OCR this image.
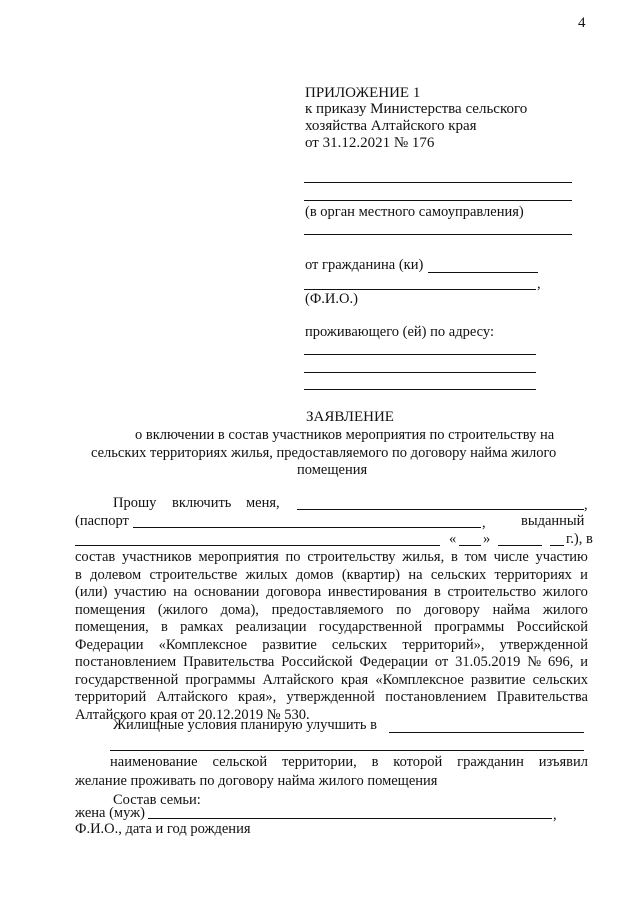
4
ПРИЛОЖЕНИЕ 1
к приказу Министерства сельского
хозяйства Алтайского края
от 31.12.2021 № 176
(в орган местного самоуправления)
от гражданина (ки)
,
(Ф.И.О.)
проживающего (ей) по адресу:
ЗАЯВЛЕНИЕ
о включении в состав участников мероприятия по строительству на
сельских территориях жилья, предоставляемого по договору найма жилого
помещения
Прошу включить меня,	,
(паспорт	, выданный
« »	г.), в
состав участников мероприятия по строительству жилья, в том числе участию
в долевом строительстве жилых домов (квартир) на сельских территориях и
(или) участию на основании договора инвестирования в строительство жилого
помещения (жилого дома), предоставляемого по договору найма жилого
помещения, в рамках реализации государственной программы Российской
Федерации «Комплексное развитие сельских территорий», утвержденной
постановлением Правительства Российской Федерации от 31.05.2019 № 696, и
государственной программы Алтайского края «Комплексное развитие сельских
территорий Алтайского края», утвержденной постановлением Правительства
Алтайского края от 20.12.2019 № 530.
Жилищные условия планирую улучшить в
наименование сельской территории, в которой гражданин изъявил
желание проживать по договору найма жилого помещения
Состав семьи:
жена (муж)	,
Ф.И.О., дата и год рождения
